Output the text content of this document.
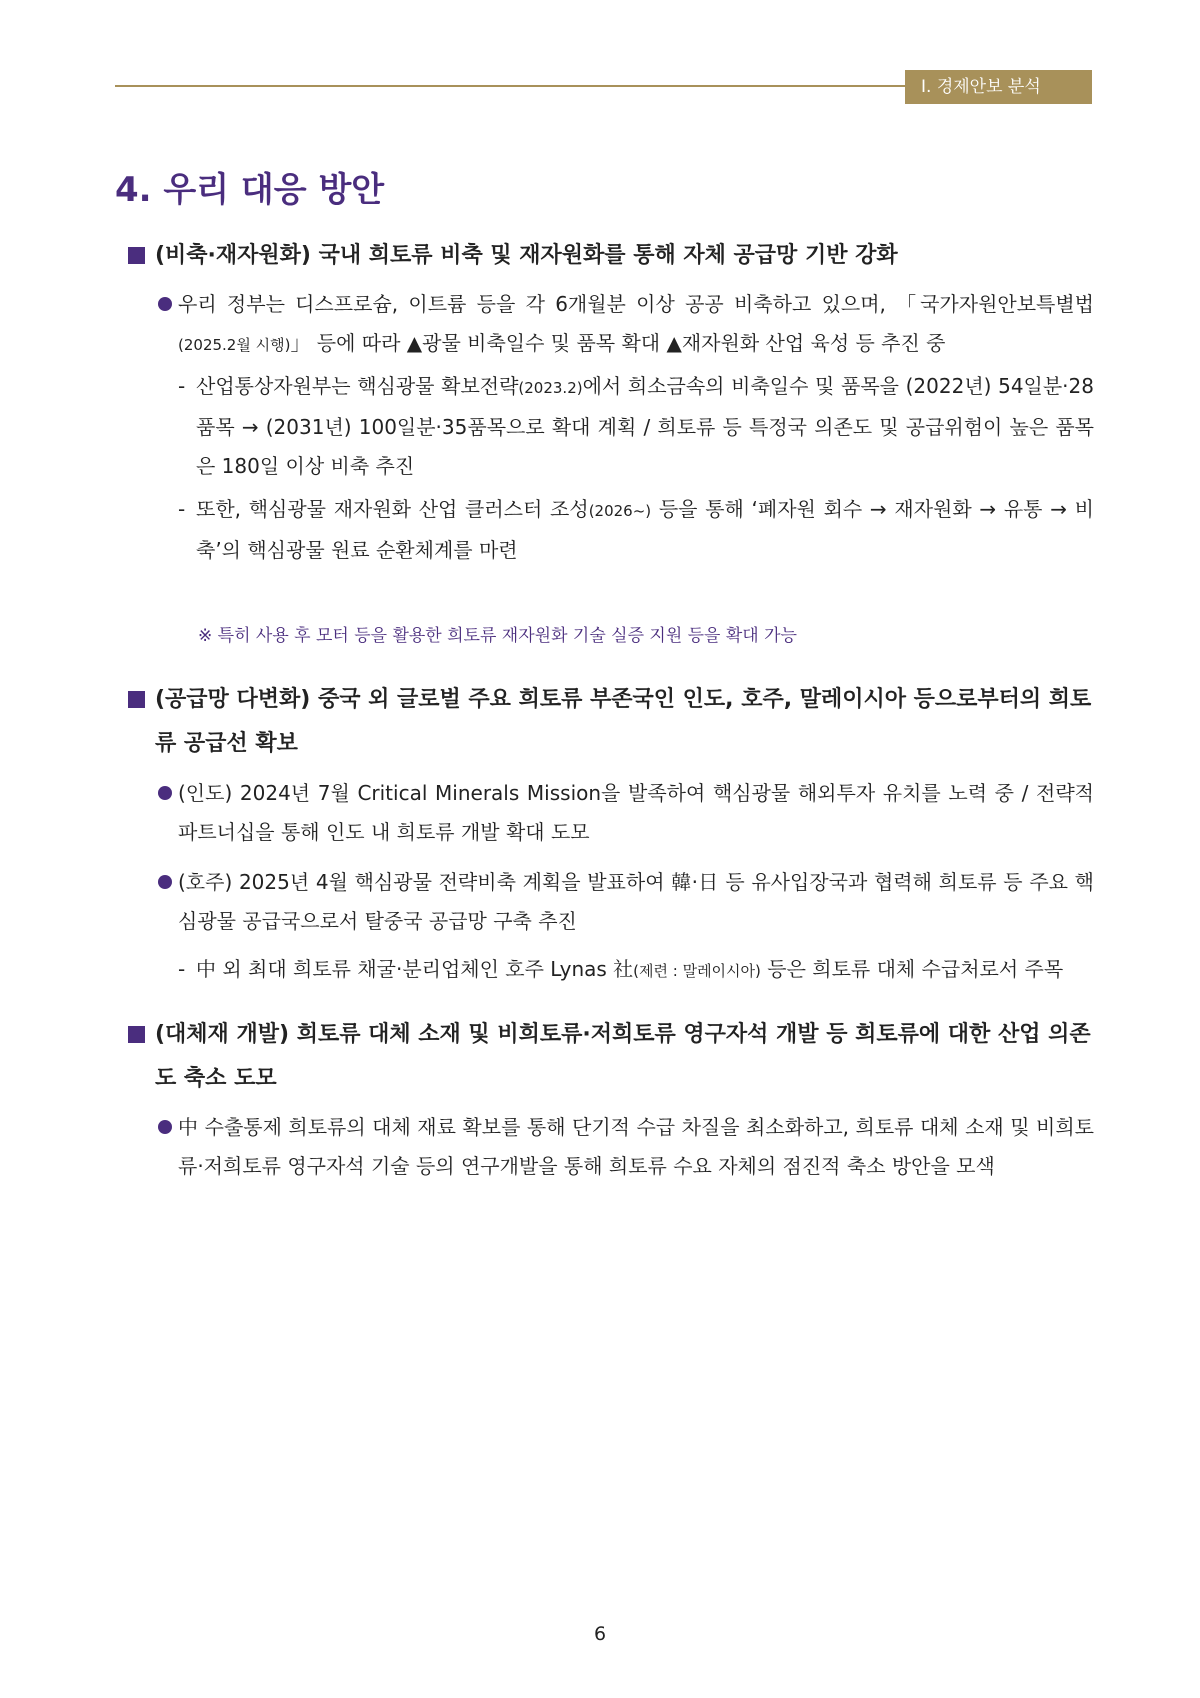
Ⅰ. 경제안보 분석
4. 우리 대응 방안
(비축·재자원화) 국내 희토류 비축 및 재자원화를 통해 자체 공급망 기반 강화
우리 정부는 디스프로슘, 이트륨 등을 각 6개월분 이상 공공 비축하고 있으며, 「국가자원안보특별법(2025.2월 시행)」 등에 따라 ▲광물 비축일수 및 품목 확대 ▲재자원화 산업 육성 등 추진 중
- 산업통상자원부는 핵심광물 확보전략(2023.2)에서 희소금속의 비축일수 및 품목을 (2022년) 54일분·28품목 → (2031년) 100일분·35품목으로 확대 계획 / 희토류 등 특정국 의존도 및 공급위험이 높은 품목은 180일 이상 비축 추진
- 또한, 핵심광물 재자원화 산업 클러스터 조성(2026~) 등을 통해 ‘폐자원 회수 → 재자원화 → 유통 → 비축’의 핵심광물 원료 순환체계를 마련
※ 특히 사용 후 모터 등을 활용한 희토류 재자원화 기술 실증 지원 등을 확대 가능
(공급망 다변화) 중국 외 글로벌 주요 희토류 부존국인 인도, 호주, 말레이시아 등으로부터의 희토류 공급선 확보
(인도) 2024년 7월 Critical Minerals Mission을 발족하여 핵심광물 해외투자 유치를 노력 중 / 전략적 파트너십을 통해 인도 내 희토류 개발 확대 도모
(호주) 2025년 4월 핵심광물 전략비축 계획을 발표하여 韓·日 등 유사입장국과 협력해 희토류 등 주요 핵심광물 공급국으로서 탈중국 공급망 구축 추진
- 中 외 최대 희토류 채굴·분리업체인 호주 Lynas 社(제련 : 말레이시아) 등은 희토류 대체 수급처로서 주목
(대체재 개발) 희토류 대체 소재 및 비희토류·저희토류 영구자석 개발 등 희토류에 대한 산업 의존도 축소 도모
中 수출통제 희토류의 대체 재료 확보를 통해 단기적 수급 차질을 최소화하고, 희토류 대체 소재 및 비희토류·저희토류 영구자석 기술 등의 연구개발을 통해 희토류 수요 자체의 점진적 축소 방안을 모색
6
